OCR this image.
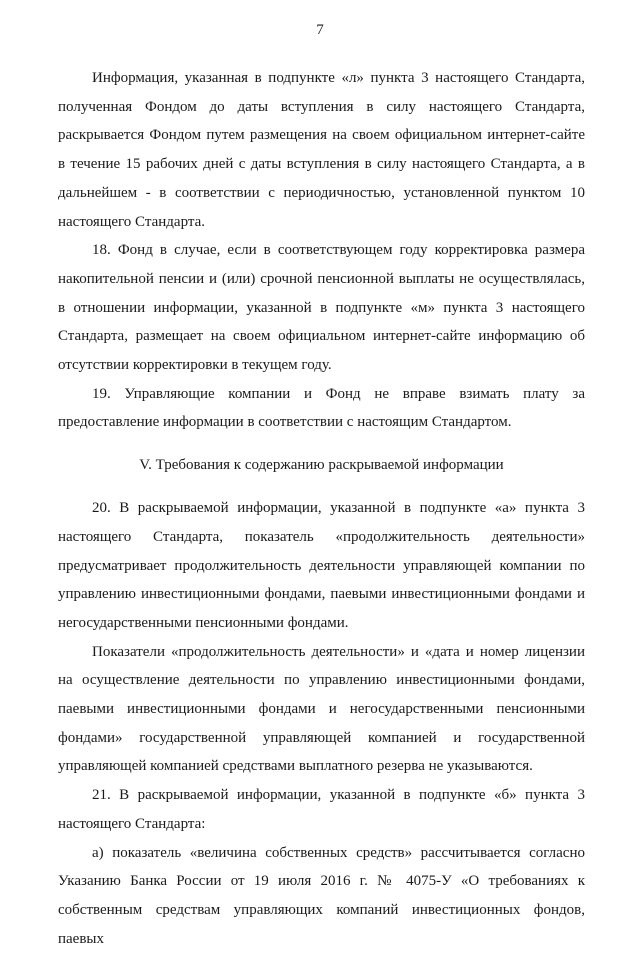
7

Информация, указанная в подпункте «л» пункта 3 настоящего Стандарта, полученная Фондом до даты вступления в силу настоящего Стандарта, раскрывается Фондом путем размещения на своем официальном интернет-сайте в течение 15 рабочих дней с даты вступления в силу настоящего Стандарта, а в дальнейшем - в соответствии с периодичностью, установленной пунктом 10 настоящего Стандарта.

18. Фонд в случае, если в соответствующем году корректировка размера накопительной пенсии и (или) срочной пенсионной выплаты не осуществлялась, в отношении информации, указанной в подпункте «м» пункта 3 настоящего Стандарта, размещает на своем официальном интернет-сайте информацию об отсутствии корректировки в текущем году.

19. Управляющие компании и Фонд не вправе взимать плату за предоставление информации в соответствии с настоящим Стандартом.

V. Требования к содержанию раскрываемой информации

20. В раскрываемой информации, указанной в подпункте «а» пункта 3 настоящего Стандарта, показатель «продолжительность деятельности» предусматривает продолжительность деятельности управляющей компании по управлению инвестиционными фондами, паевыми инвестиционными фондами и негосударственными пенсионными фондами.

Показатели «продолжительность деятельности» и «дата и номер лицензии на осуществление деятельности по управлению инвестиционными фондами, паевыми инвестиционными фондами и негосударственными пенсионными фондами» государственной управляющей компанией и государственной управляющей компанией средствами выплатного резерва не указываются.

21. В раскрываемой информации, указанной в подпункте «б» пункта 3 настоящего Стандарта:

а) показатель «величина собственных средств» рассчитывается согласно Указанию Банка России от 19 июля 2016 г. № 4075-У «О требованиях к собственным средствам управляющих компаний инвестиционных фондов, паевых
